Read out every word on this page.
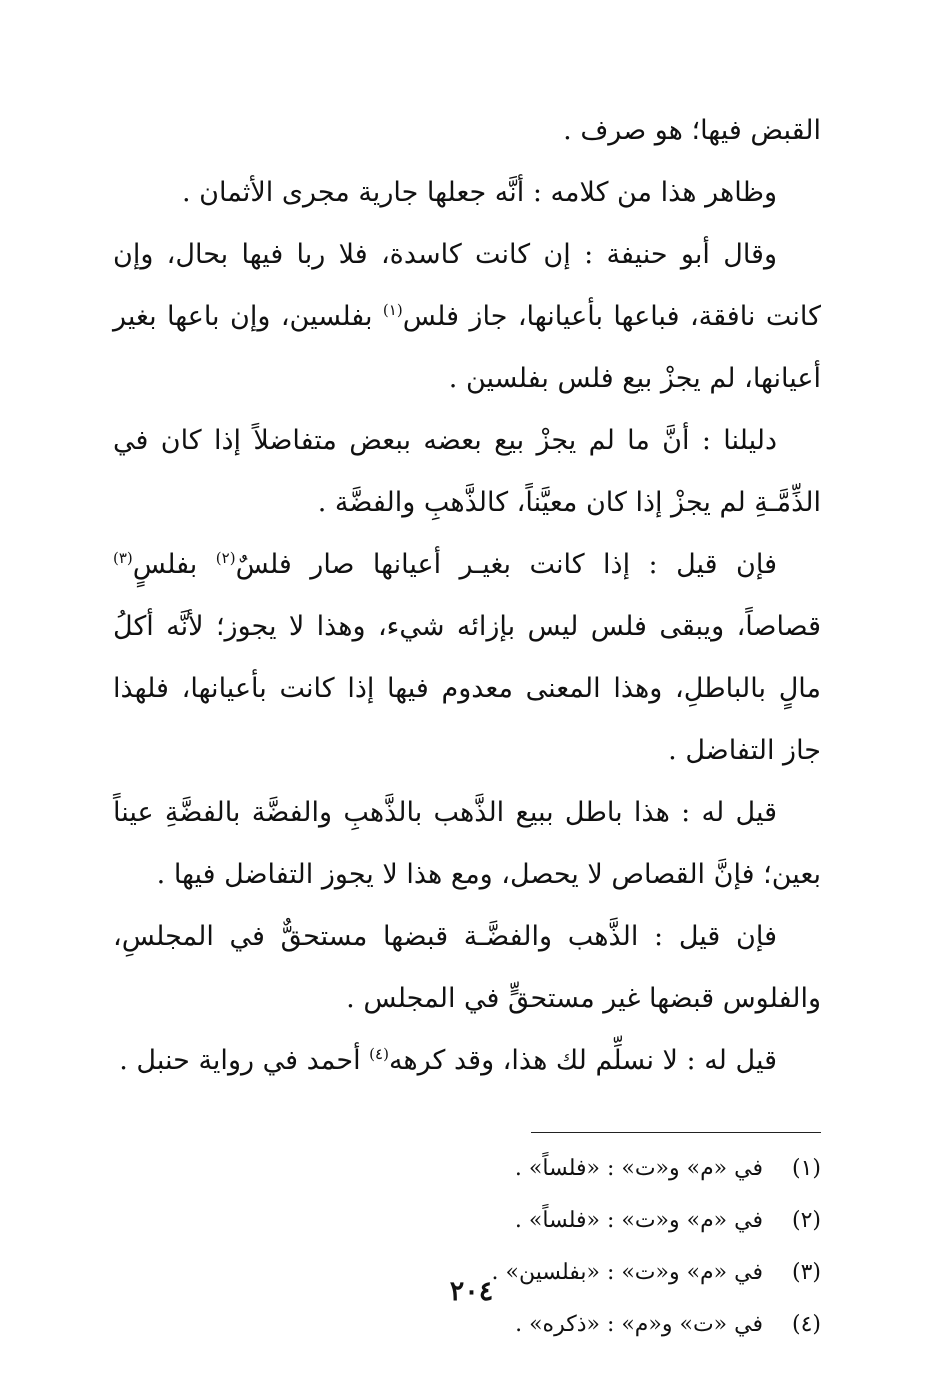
القبض فيها؛ هو صرف .

وظاهر هذا من كلامه : أنَّه جعلها جارية مجرى الأثمان .

وقال أبو حنيفة : إن كانت كاسدة، فلا ربا فيها بحال، وإن كانت نافقة، فباعها بأعيانها، جاز فلس$^{(١)}$ بفلسين، وإن باعها بغير أعيانها، لم يجزْ بيع فلس بفلسين .

دليلنا : أنَّ ما لم يجزْ بيع بعضه ببعض متفاضلاً إذا كان في الذِّمَّـةِ لم يجزْ إذا كان معيَّناً، كالذَّهبِ والفضَّة .

فإن قيل : إذا كانت بغيـر أعيانها صار فلسٌ$^{(٢)}$ بفلسٍ$^{(٣)}$ قصاصاً، ويبقى فلس ليس بإزائه شيء، وهذا لا يجوز؛ لأنَّه أكلُ مالٍ بالباطلِ، وهذا المعنى معدوم فيها إذا كانت بأعيانها، فلهذا جاز التفاضل .

قيل له : هذا باطل ببيع الذَّهب بالذَّهبِ والفضَّة بالفضَّةِ عيناً بعين؛ فإنَّ القصاص لا يحصل، ومع هذا لا يجوز التفاضل فيها .

فإن قيل : الذَّهب والفضَّـة قبضها مستحقٌّ في المجلسِ، والفلوس قبضها غير مستحقٍّ في المجلس .

قيل له : لا نسلِّم لك هذا، وقد كرهه$^{(٤)}$ أحمد في رواية حنبل .

(١)
في «م» و«ت» : «فلساً» .
(٢)
في «م» و«ت» : «فلساً» .
(٣)
في «م» و«ت» : «بفلسين» .
(٤)
في «ت» و«م» : «ذكره» .
٢٠٤
